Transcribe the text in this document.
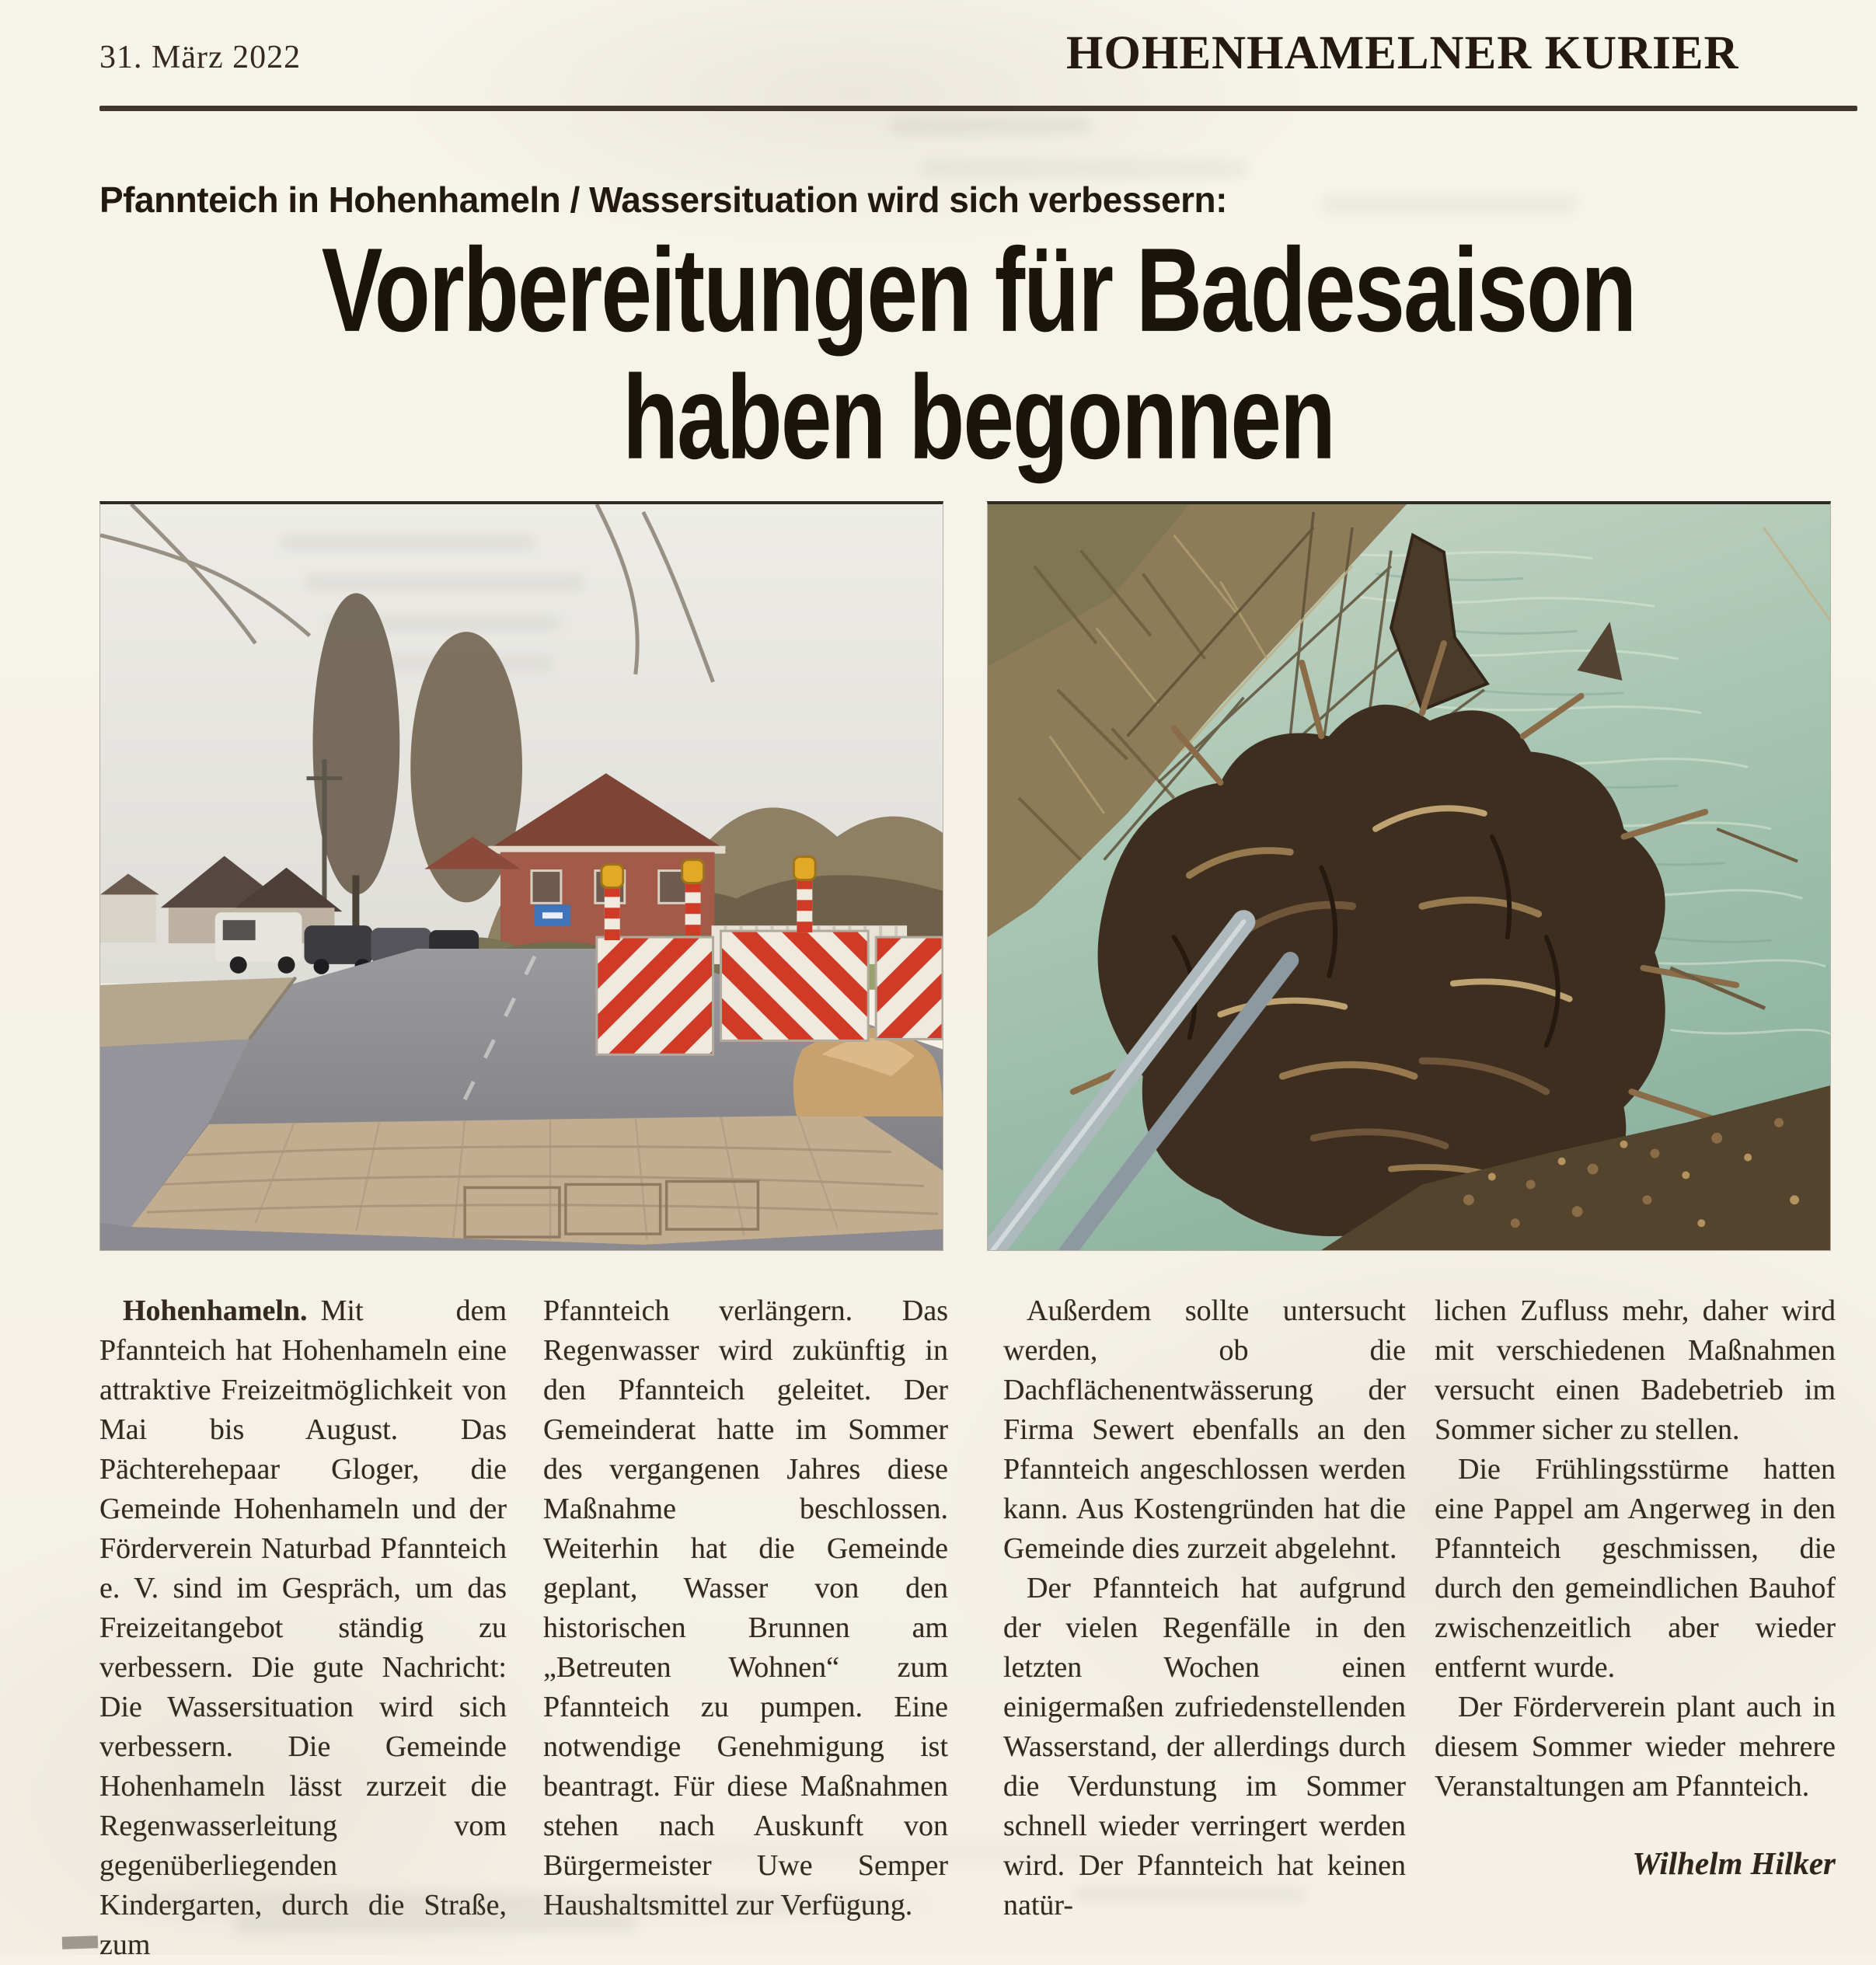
31. März 2022	HOHENHAMELNER KURIER
Pfannteich in Hohenhameln / Wassersituation wird sich verbessern:
Vorbereitungen für Badesaison
haben begonnen

Hohenhameln. Mit dem Pfannteich hat Hohenhameln eine attraktive Freizeitmöglichkeit von Mai bis August. Das Pächterehepaar Gloger, die Gemeinde Hohenhameln und der Förderverein Naturbad Pfannteich e. V. sind im Gespräch, um das Freizeitangebot ständig zu verbessern. Die gute Nachricht: Die Wassersituation wird sich verbessern. Die Gemeinde Hohenhameln lässt zurzeit die Regenwasserleitung vom gegenüberliegenden Kindergarten, durch die Straße, zum

Pfannteich verlängern. Das Regenwasser wird zukünftig in den Pfannteich geleitet. Der Gemeinderat hatte im Sommer des vergangenen Jahres diese Maßnahme beschlossen. Weiterhin hat die Gemeinde geplant, Wasser von den historischen Brunnen am „Betreuten Wohnen“ zum Pfannteich zu pumpen. Eine notwendige Genehmigung ist beantragt. Für diese Maßnahmen stehen nach Auskunft von Bürgermeister Uwe Semper Haushaltsmittel zur Verfügung.

Außerdem sollte untersucht werden, ob die Dachflächenentwässerung der Firma Sewert ebenfalls an den Pfannteich angeschlossen werden kann. Aus Kostengründen hat die Gemeinde dies zurzeit abgelehnt.

Der Pfannteich hat aufgrund der vielen Regenfälle in den letzten Wochen einen einigermaßen zufriedenstellenden Wasserstand, der allerdings durch die Verdunstung im Sommer schnell wieder verringert werden wird. Der Pfannteich hat keinen natür-

lichen Zufluss mehr, daher wird mit verschiedenen Maßnahmen versucht einen Badebetrieb im Sommer sicher zu stellen.

Die Frühlingsstürme hatten eine Pappel am Angerweg in den Pfannteich geschmissen, die durch den gemeindlichen Bauhof zwischenzeitlich aber wieder entfernt wurde.

Der Förderverein plant auch in diesem Sommer wieder mehrere Veranstaltungen am Pfannteich.

Wilhelm Hilker
